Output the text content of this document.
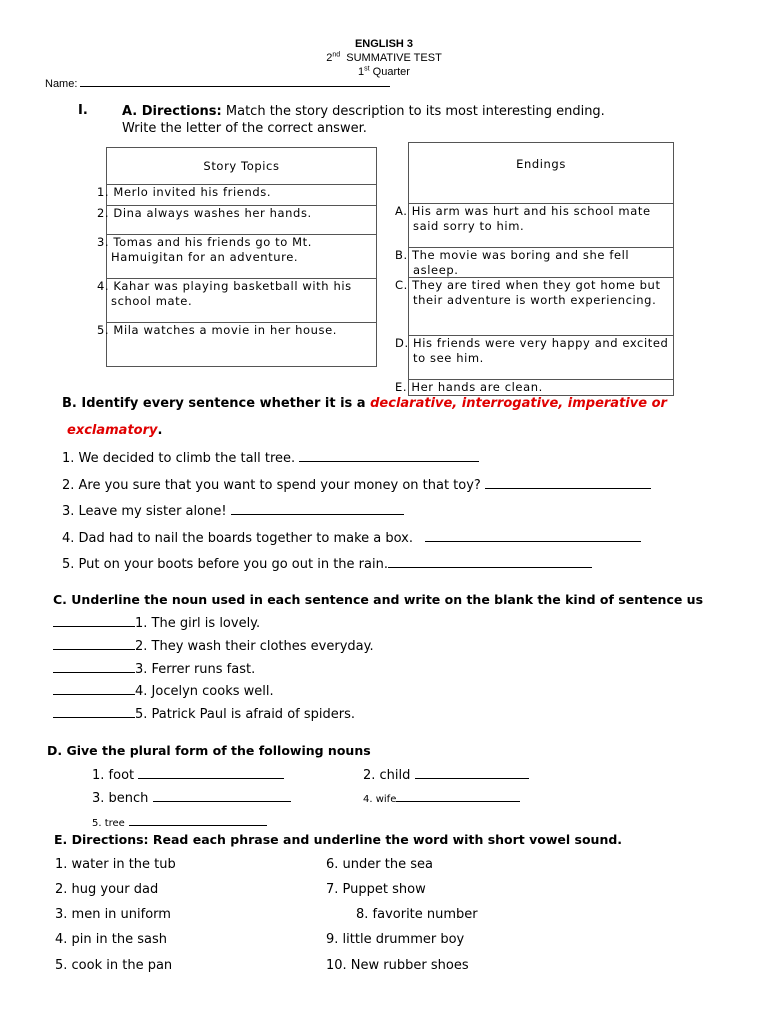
ENGLISH 3
2nd SUMMATIVE TEST
1st Quarter
Name:
I.	A. Directions: Match the story description to its most interesting ending. Write the letter of the correct answer.
Story Topics
1. Merlo invited his friends.
2. Dina always washes her hands.
3. Tomas and his friends go to Mt. Hamuigitan for an adventure.
4. Kahar was playing basketball with his school mate.
5. Mila watches a movie in her house.
Endings
A. His arm was hurt and his school mate said sorry to him.
B. The movie was boring and she fell asleep.
C. They are tired when they got home but their adventure is worth experiencing.
D. His friends were very happy and excited to see him.
E. Her hands are clean.
B. Identify every sentence whether it is a declarative, interrogative, imperative or
exclamatory.
1. We decided to climb the tall tree.
2. Are you sure that you want to spend your money on that toy?
3. Leave my sister alone!
4. Dad had to nail the boards together to make a box.
5. Put on your boots before you go out in the rain.
C. Underline the noun used in each sentence and write on the blank the kind of sentence us
1. The girl is lovely.
2. They wash their clothes everyday.
3. Ferrer runs fast.
4. Jocelyn cooks well.
5. Patrick Paul is afraid of spiders.
D. Give the plural form of the following nouns
1. foot	2. child
3. bench	4. wife
5. tree
E. Directions: Read each phrase and underline the word with short vowel sound.
1. water in the tub
2. hug your dad
3. men in uniform
4. pin in the sash
5. cook in the pan
6. under the sea
7. Puppet show
8. favorite number
9. little drummer boy
10. New rubber shoes
